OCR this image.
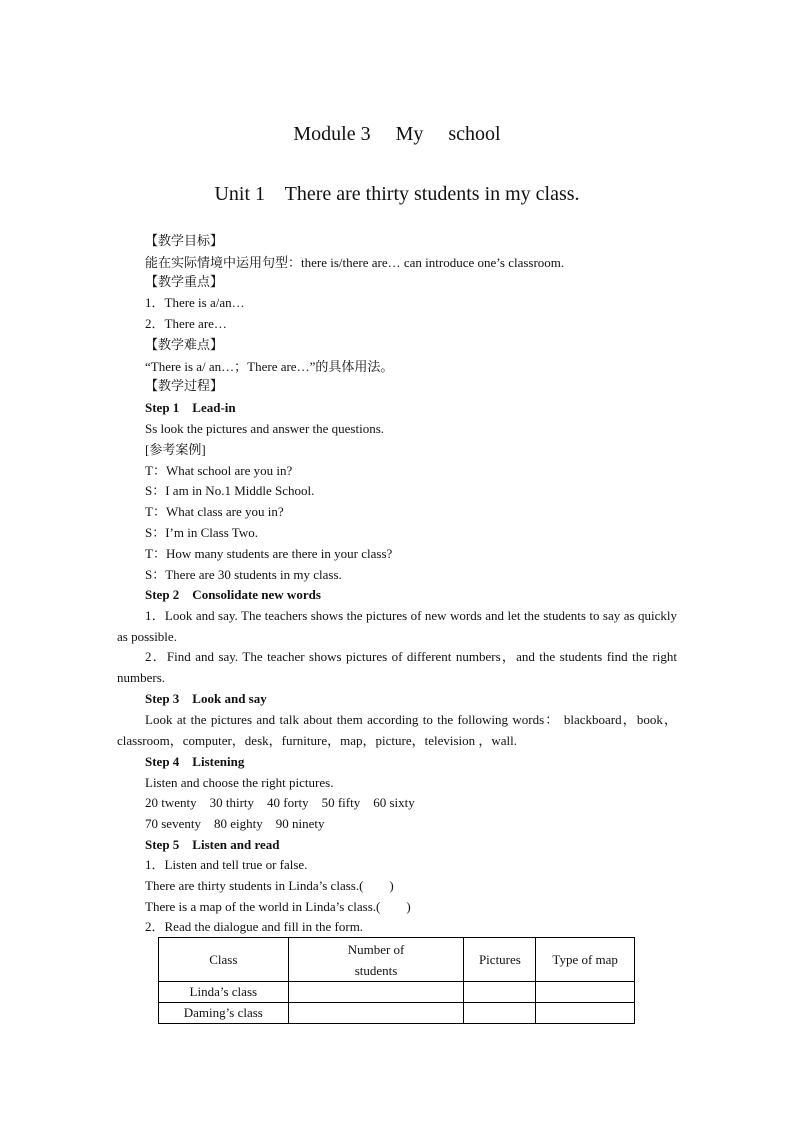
Module 3 My school
Unit 1    There are thirty students in my class.
【教学目标】
能在实际情境中运用句型：there is/there are… can introduce one’s classroom.
【教学重点】
1．There is a/an…
2．There are…
【教学难点】
“There is a/ an…；There are…”的具体用法。
【教学过程】
Step 1    Lead-in
Ss look the pictures and answer the questions.
[参考案例]
T：What school are you in?
S：I am in No.1 Middle School.
T：What class are you in?
S：I’m in Class Two.
T：How many students are there in your class?
S：There are 30 students in my class.
Step 2    Consolidate new words
1．Look and say. The teachers shows the pictures of new words and let the students to say as quickly as possible.
2．Find and say. The teacher shows pictures of different numbers，and the students find the right numbers.
Step 3    Look and say
Look at the pictures and talk about them according to the following words： blackboard，book，classroom，computer，desk，furniture，map，picture，television ，wall.
Step 4    Listening
Listen and choose the right pictures.
20 twenty    30 thirty    40 forty    50 fifty    60 sixty
70 seventy    80 eighty    90 ninety
Step 5    Listen and read
1．Listen and tell true or false.
There are thirty students in Linda’s class.(        )
There is a map of the world in Linda’s class.(        )
2．Read the dialogue and fill in the form.
Class	Number of students	Pictures	Type of map
Linda’s class			
Daming’s class			
